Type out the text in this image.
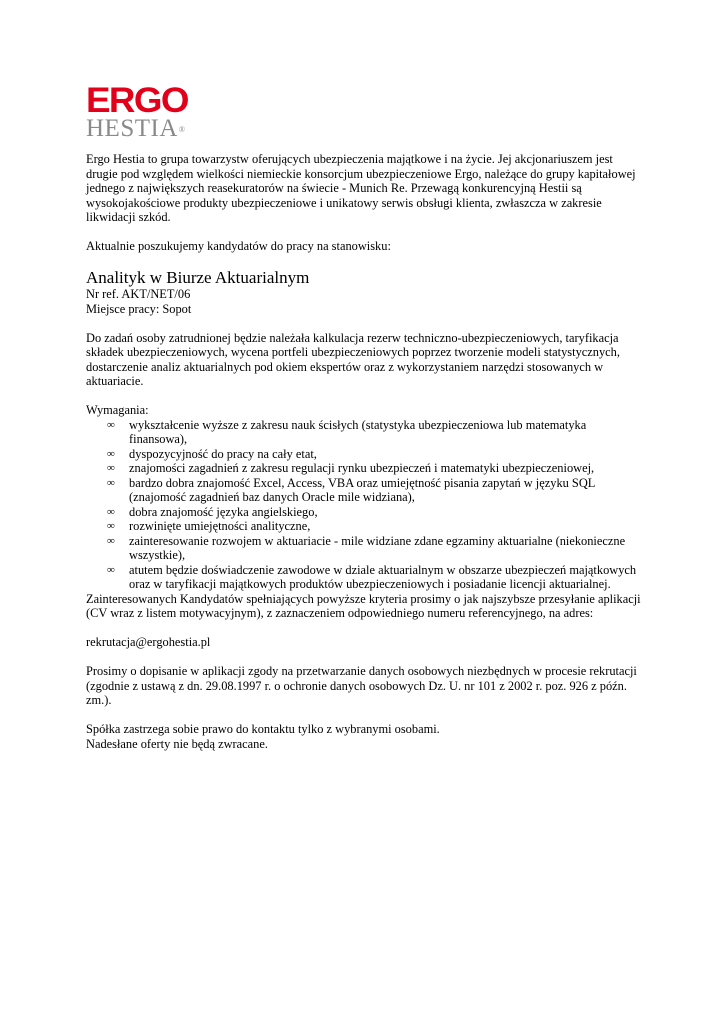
ERGO
HESTIA®

Ergo Hestia to grupa towarzystw oferujących ubezpieczenia majątkowe i na życie. Jej akcjonariuszem jest drugie pod względem wielkości niemieckie konsorcjum ubezpieczeniowe Ergo, należące do grupy kapitałowej jednego z największych reasekuratorów na świecie - Munich Re. Przewagą konkurencyjną Hestii są wysokojakościowe produkty ubezpieczeniowe i unikatowy serwis obsługi klienta, zwłaszcza w zakresie likwidacji szkód.

Aktualnie poszukujemy kandydatów do pracy na stanowisku:

Analityk w Biurze Aktuarialnym

Nr ref. AKT/NET/06

Miejsce pracy: Sopot

Do zadań osoby zatrudnionej będzie należała kalkulacja rezerw techniczno-ubezpieczeniowych, taryfikacja składek ubezpieczeniowych, wycena portfeli ubezpieczeniowych poprzez tworzenie modeli statystycznych, dostarczenie analiz aktuarialnych pod okiem ekspertów oraz z wykorzystaniem narzędzi stosowanych w aktuariacie.

Wymagania:

∞ wykształcenie wyższe z zakresu nauk ścisłych (statystyka ubezpieczeniowa lub matematyka finansowa),
∞ dyspozycyjność do pracy na cały etat,
∞ znajomości zagadnień z zakresu regulacji rynku ubezpieczeń i matematyki ubezpieczeniowej,
∞ bardzo dobra znajomość Excel, Access, VBA oraz umiejętność pisania zapytań w języku SQL (znajomość zagadnień baz danych Oracle mile widziana),
∞ dobra znajomość języka angielskiego,
∞ rozwinięte umiejętności analityczne,
∞ zainteresowanie rozwojem w aktuariacie - mile widziane zdane egzaminy aktuarialne (niekonieczne wszystkie),
∞ atutem będzie doświadczenie zawodowe w dziale aktuarialnym w obszarze ubezpieczeń majątkowych oraz w taryfikacji majątkowych produktów ubezpieczeniowych i posiadanie licencji aktuarialnej.

Zainteresowanych Kandydatów spełniających powyższe kryteria prosimy o jak najszybsze przesyłanie aplikacji (CV wraz z listem motywacyjnym), z zaznaczeniem odpowiedniego numeru referencyjnego, na adres:

rekrutacja@ergohestia.pl

Prosimy o dopisanie w aplikacji zgody na przetwarzanie danych osobowych niezbędnych w procesie rekrutacji (zgodnie z ustawą z dn. 29.08.1997 r. o ochronie danych osobowych Dz. U. nr 101 z 2002 r. poz. 926 z późn. zm.).

Spółka zastrzega sobie prawo do kontaktu tylko z wybranymi osobami.

Nadesłane oferty nie będą zwracane.
